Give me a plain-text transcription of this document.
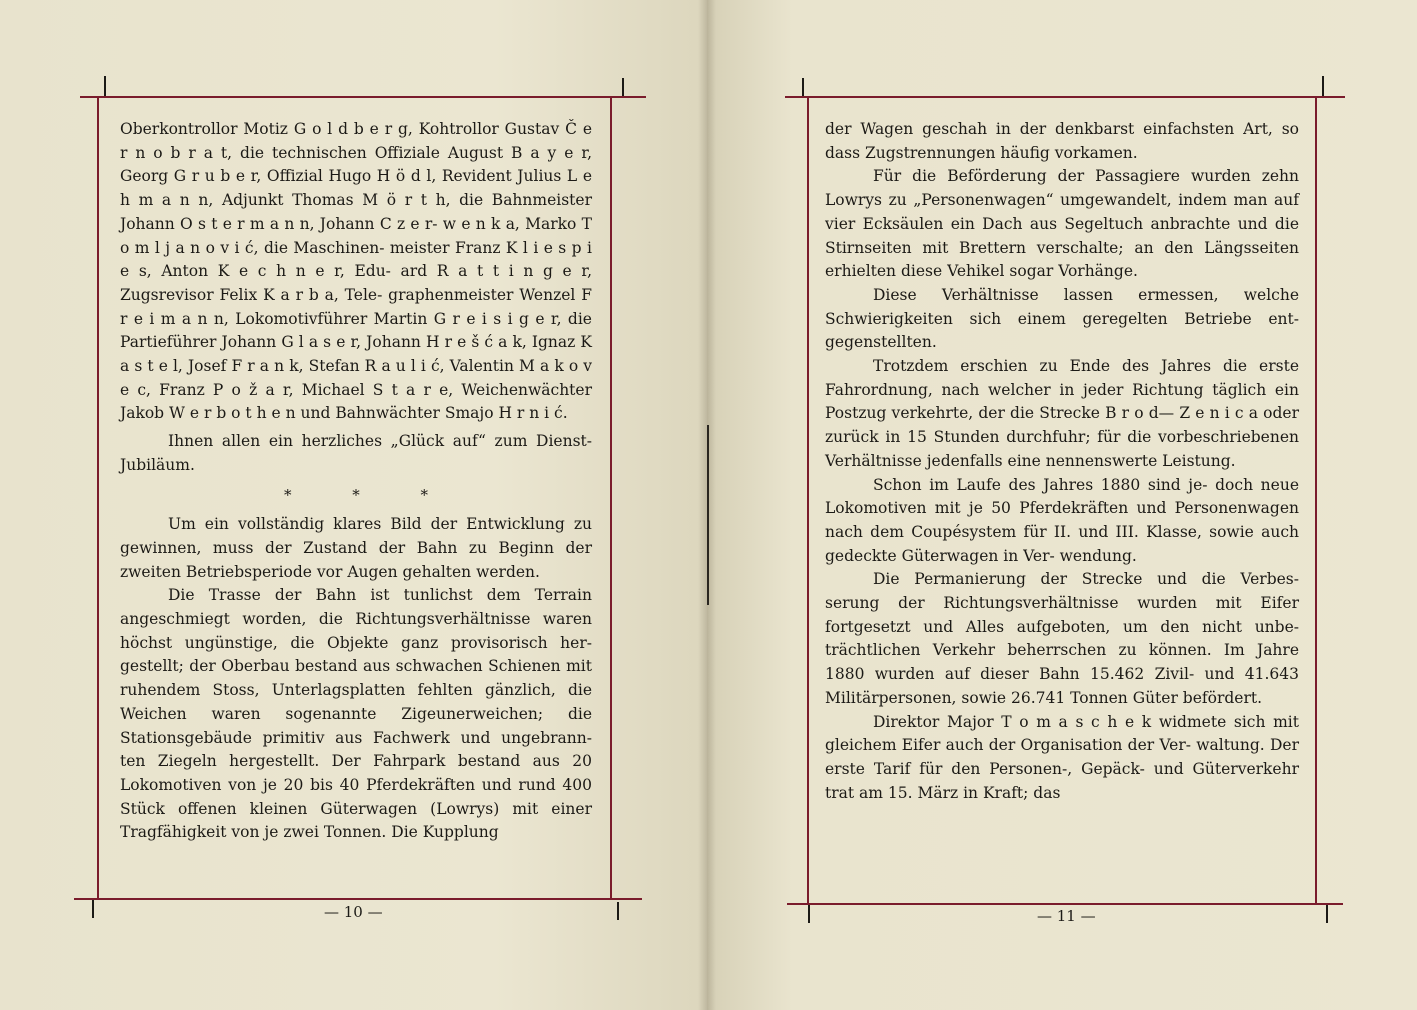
Oberkontrollor Motiz G o l d b e r g, Kohtrollor Gustav Č e r n o b r a t, die technischen Offiziale August B a y e r, Georg G r u b e r, Offizial Hugo H ö d l, Revident Julius L e h m a n n, Adjunkt Thomas M ö r t h, die Bahnmeister Johann O s t e r m a n n, Johann C z e r- w e n k a, Marko T o m l j a n o v i ć, die Maschinen- meister Franz K l i e s p i e s, Anton K e c h n e r, Edu- ard R a t t i n g e r, Zugsrevisor Felix K a r b a, Tele- graphenmeister Wenzel F r e i m a n n, Lokomotivführer Martin G r e i s i g e r, die Partieführer Johann G l a s e r, Johann H r e š ć a k, Ignaz K a s t e l, Josef F r a n k, Stefan R a u l i ć, Valentin M a k o v e c, Franz P o ž a r, Michael S t a r e, Weichenwächter Jakob W e r b o t h e n und Bahnwächter Smajo H r n i ć.

Ihnen allen ein herzliches „Glück auf“ zum Dienst-Jubiläum.

* * *

Um ein vollständig klares Bild der Entwicklung zu gewinnen, muss der Zustand der Bahn zu Beginn der zweiten Betriebsperiode vor Augen gehalten werden.

Die Trasse der Bahn ist tunlichst dem Terrain angeschmiegt worden, die Richtungsverhältnisse waren höchst ungünstige, die Objekte ganz provisorisch her- gestellt; der Oberbau bestand aus schwachen Schienen mit ruhendem Stoss, Unterlagsplatten fehlten gänzlich, die Weichen waren sogenannte Zigeunerweichen; die Stationsgebäude primitiv aus Fachwerk und ungebrann- ten Ziegeln hergestellt. Der Fahrpark bestand aus 20 Lokomotiven von je 20 bis 40 Pferdekräften und rund 400 Stück offenen kleinen Güterwagen (Lowrys) mit einer Tragfähigkeit von je zwei Tonnen. Die Kupplung

— 10 —

der Wagen geschah in der denkbarst einfachsten Art, so dass Zugstrennungen häufig vorkamen.

Für die Beförderung der Passagiere wurden zehn Lowrys zu „Personenwagen“ umgewandelt, indem man auf vier Ecksäulen ein Dach aus Segeltuch anbrachte und die Stirnseiten mit Brettern verschalte; an den Längsseiten erhielten diese Vehikel sogar Vorhänge.

Diese Verhältnisse lassen ermessen, welche Schwierigkeiten sich einem geregelten Betriebe ent- gegenstellten.

Trotzdem erschien zu Ende des Jahres die erste Fahrordnung, nach welcher in jeder Richtung täglich ein Postzug verkehrte, der die Strecke B r o d— Z e n i c a oder zurück in 15 Stunden durchfuhr; für die vorbeschriebenen Verhältnisse jedenfalls eine nennenswerte Leistung.

Schon im Laufe des Jahres 1880 sind je- doch neue Lokomotiven mit je 50 Pferdekräften und Personenwagen nach dem Coupésystem für II. und III. Klasse, sowie auch gedeckte Güterwagen in Ver- wendung.

Die Permanierung der Strecke und die Verbes- serung der Richtungsverhältnisse wurden mit Eifer fortgesetzt und Alles aufgeboten, um den nicht unbe- trächtlichen Verkehr beherrschen zu können. Im Jahre 1880 wurden auf dieser Bahn 15.462 Zivil- und 41.643 Militärpersonen, sowie 26.741 Tonnen Güter befördert.

Direktor Major T o m a s c h e k widmete sich mit gleichem Eifer auch der Organisation der Ver- waltung. Der erste Tarif für den Personen-, Gepäck- und Güterverkehr trat am 15. März in Kraft; das

— 11 —
